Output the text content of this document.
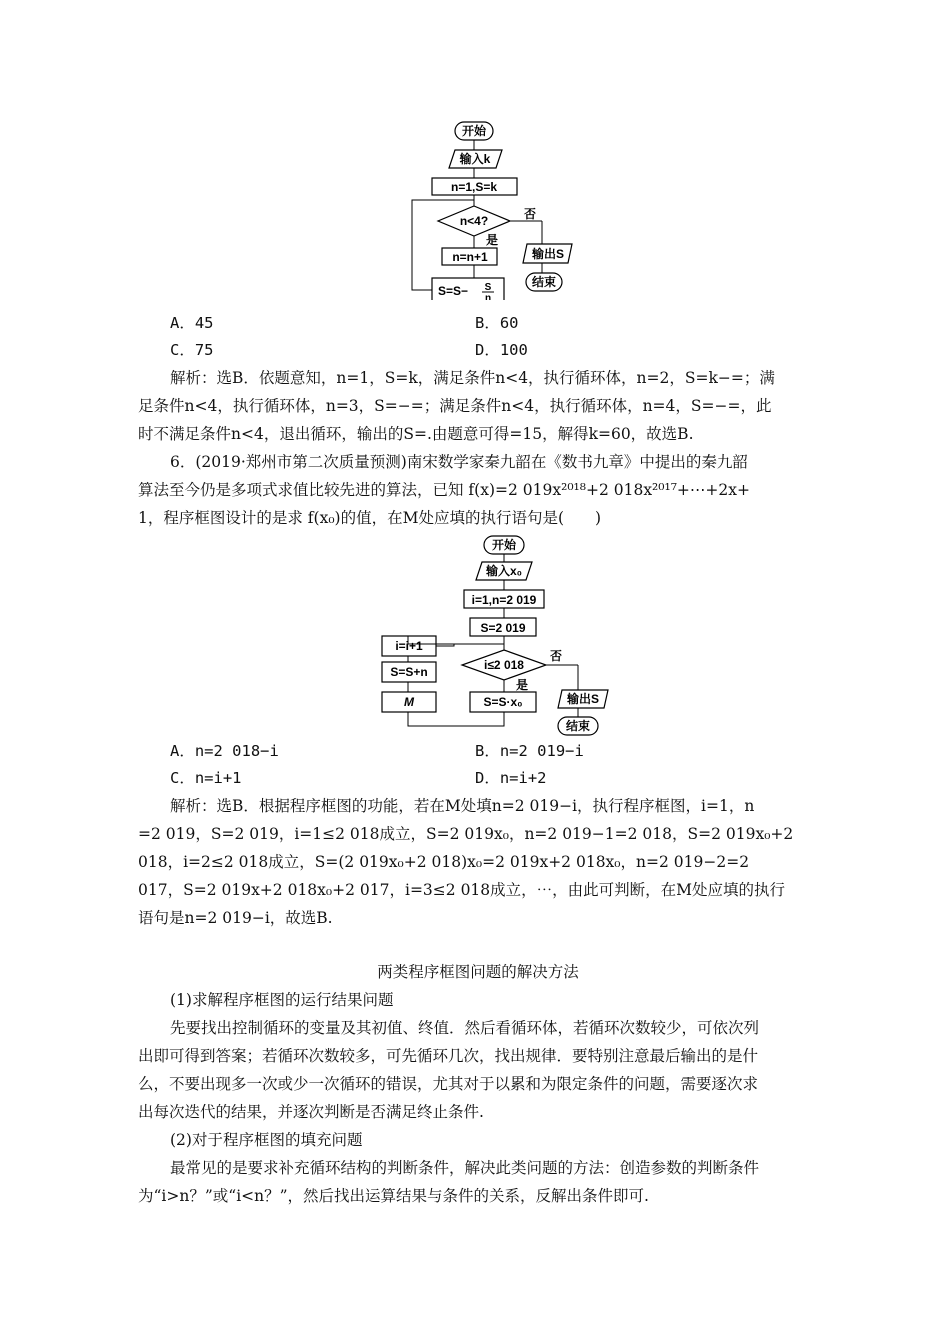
开始
输入k
n=1,S=k
n<4?	否
输出S
结束
是
n=n+1
S=S− S
n
A．45	B．60
C．75	D．100
解析：选B．依题意知，n=1，S=k，满足条件n<4，执行循环体，n=2，S=k−=；满
足条件n<4，执行循环体，n=3，S=−=；满足条件n<4，执行循环体，n=4，S=−=，此
时不满足条件n<4，退出循环，输出的S=.由题意可得=15，解得k=60，故选B.
6．(2019·郑州市第二次质量预测)南宋数学家秦九韶在《数书九章》中提出的秦九韶
算法至今仍是多项式求值比较先进的算法，已知 f(x)=2 019x²⁰¹⁸+2 018x²⁰¹⁷+⋯+2x+
1，程序框图设计的是求 f(x₀)的值，在M处应填的执行语句是(　　)
开始
输入x₀
i=1,n=2 019
S=2 019
i≤2 018
否
输出S
结束
是
S=S·x₀
M
S=S+n
i=i+1
A．n=2 018−i	B．n=2 019−i
C．n=i+1	D．n=i+2
解析：选B．根据程序框图的功能，若在M处填n=2 019−i，执行程序框图，i=1，n
=2 019，S=2 019，i=1≤2 018成立，S=2 019x₀，n=2 019−1=2 018，S=2 019x₀+2
018，i=2≤2 018成立，S=(2 019x₀+2 018)x₀=2 019x+2 018x₀，n=2 019−2=2
017，S=2 019x+2 018x₀+2 017，i=3≤2 018成立，⋯，由此可判断，在M处应填的执行
语句是n=2 019−i，故选B.
两类程序框图问题的解决方法
(1)求解程序框图的运行结果问题
先要找出控制循环的变量及其初值、终值．然后看循环体，若循环次数较少，可依次列
出即可得到答案；若循环次数较多，可先循环几次，找出规律．要特别注意最后输出的是什
么，不要出现多一次或少一次循环的错误，尤其对于以累和为限定条件的问题，需要逐次求
出每次迭代的结果，并逐次判断是否满足终止条件.
(2)对于程序框图的填充问题
最常见的是要求补充循环结构的判断条件，解决此类问题的方法：创造参数的判断条件
为“i>n？”或“i<n？”，然后找出运算结果与条件的关系，反解出条件即可.
